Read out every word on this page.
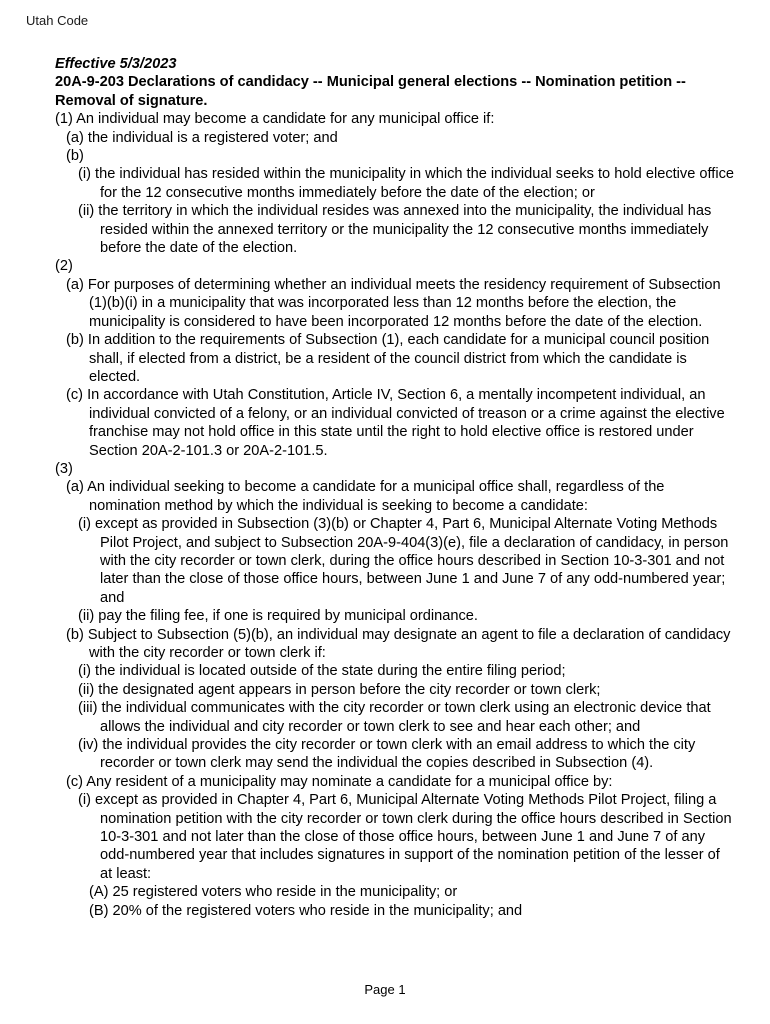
Utah Code

Effective 5/3/2023

20A-9-203 Declarations of candidacy -- Municipal general elections -- Nomination petition -- Removal of signature.

(1) An individual may become a candidate for any municipal office if:

(a) the individual is a registered voter; and

(b)

(i) the individual has resided within the municipality in which the individual seeks to hold elective office for the 12 consecutive months immediately before the date of the election; or

(ii) the territory in which the individual resides was annexed into the municipality, the individual has resided within the annexed territory or the municipality the 12 consecutive months immediately before the date of the election.

(2)

(a) For purposes of determining whether an individual meets the residency requirement of Subsection (1)(b)(i) in a municipality that was incorporated less than 12 months before the election, the municipality is considered to have been incorporated 12 months before the date of the election.

(b) In addition to the requirements of Subsection (1), each candidate for a municipal council position shall, if elected from a district, be a resident of the council district from which the candidate is elected.

(c) In accordance with Utah Constitution, Article IV, Section 6, a mentally incompetent individual, an individual convicted of a felony, or an individual convicted of treason or a crime against the elective franchise may not hold office in this state until the right to hold elective office is restored under Section 20A-2-101.3 or 20A-2-101.5.

(3)

(a) An individual seeking to become a candidate for a municipal office shall, regardless of the nomination method by which the individual is seeking to become a candidate:

(i) except as provided in Subsection (3)(b) or Chapter 4, Part 6, Municipal Alternate Voting Methods Pilot Project, and subject to Subsection 20A-9-404(3)(e), file a declaration of candidacy, in person with the city recorder or town clerk, during the office hours described in Section 10-3-301 and not later than the close of those office hours, between June 1 and June 7 of any odd-numbered year; and

(ii) pay the filing fee, if one is required by municipal ordinance.

(b) Subject to Subsection (5)(b), an individual may designate an agent to file a declaration of candidacy with the city recorder or town clerk if:

(i) the individual is located outside of the state during the entire filing period;

(ii) the designated agent appears in person before the city recorder or town clerk;

(iii) the individual communicates with the city recorder or town clerk using an electronic device that allows the individual and city recorder or town clerk to see and hear each other; and

(iv) the individual provides the city recorder or town clerk with an email address to which the city recorder or town clerk may send the individual the copies described in Subsection (4).

(c) Any resident of a municipality may nominate a candidate for a municipal office by:

(i) except as provided in Chapter 4, Part 6, Municipal Alternate Voting Methods Pilot Project, filing a nomination petition with the city recorder or town clerk during the office hours described in Section 10-3-301 and not later than the close of those office hours, between June 1 and June 7 of any odd-numbered year that includes signatures in support of the nomination petition of the lesser of at least:

(A) 25 registered voters who reside in the municipality; or

(B) 20% of the registered voters who reside in the municipality; and

Page 1
